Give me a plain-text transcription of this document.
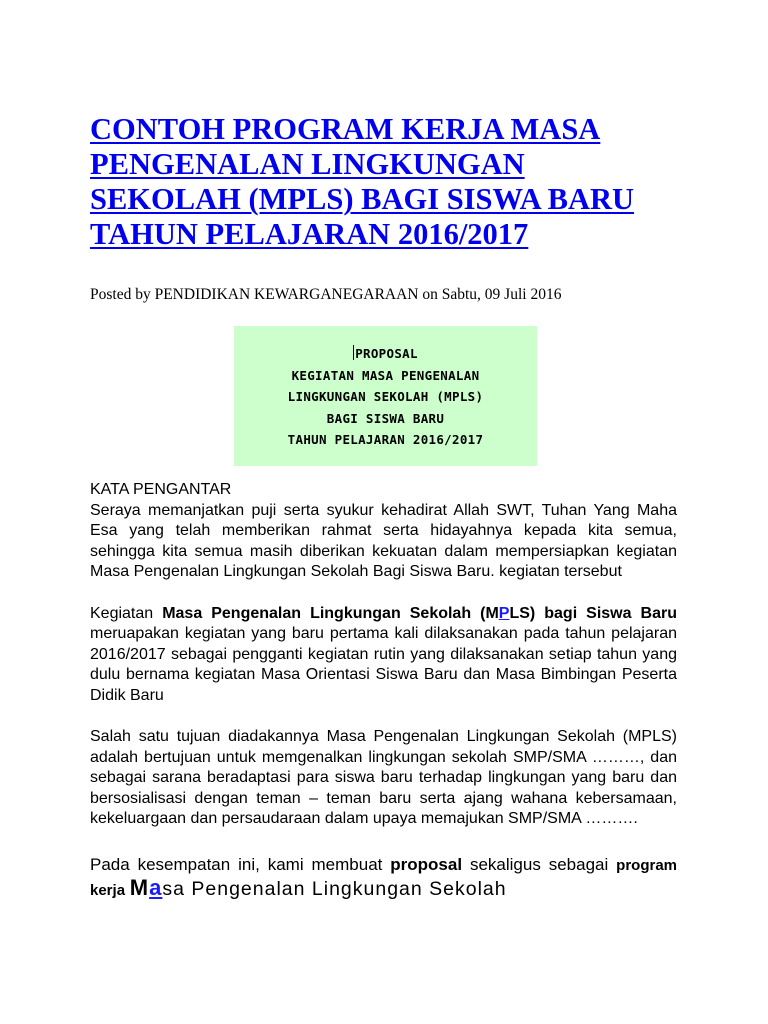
CONTOH PROGRAM KERJA MASA PENGENALAN LINGKUNGAN SEKOLAH (MPLS) BAGI SISWA BARU TAHUN PELAJARAN 2016/2017
Posted by PENDIDIKAN KEWARGANEGARAAN on Sabtu, 09 Juli 2016
PROPOSAL
KEGIATAN MASA PENGENALAN
LINGKUNGAN SEKOLAH (MPLS)
BAGI SISWA BARU
TAHUN PELAJARAN 2016/2017
KATA PENGANTAR

Seraya memanjatkan puji serta syukur kehadirat Allah SWT, Tuhan Yang Maha Esa yang telah memberikan rahmat serta hidayahnya kepada kita semua, sehingga kita semua masih diberikan kekuatan dalam mempersiapkan kegiatan Masa Pengenalan Lingkungan Sekolah Bagi Siswa Baru. kegiatan tersebut

Kegiatan Masa Pengenalan Lingkungan Sekolah (MPLS) bagi Siswa Baru meruapakan kegiatan yang baru pertama kali dilaksanakan pada tahun pelajaran 2016/2017 sebagai pengganti kegiatan rutin yang dilaksanakan setiap tahun yang dulu bernama kegiatan Masa Orientasi Siswa Baru dan Masa Bimbingan Peserta Didik Baru

Salah satu tujuan diadakannya Masa Pengenalan Lingkungan Sekolah (MPLS) adalah bertujuan untuk memgenalkan lingkungan sekolah SMP/SMA ………, dan sebagai sarana beradaptasi para siswa baru terhadap lingkungan yang baru dan bersosialisasi dengan teman – teman baru serta ajang wahana kebersamaan, kekeluargaan dan persaudaraan dalam upaya memajukan SMP/SMA ……….

Pada kesempatan ini, kami membuat proposal sekaligus sebagai program kerja Masa Pengenalan Lingkungan Sekolah
